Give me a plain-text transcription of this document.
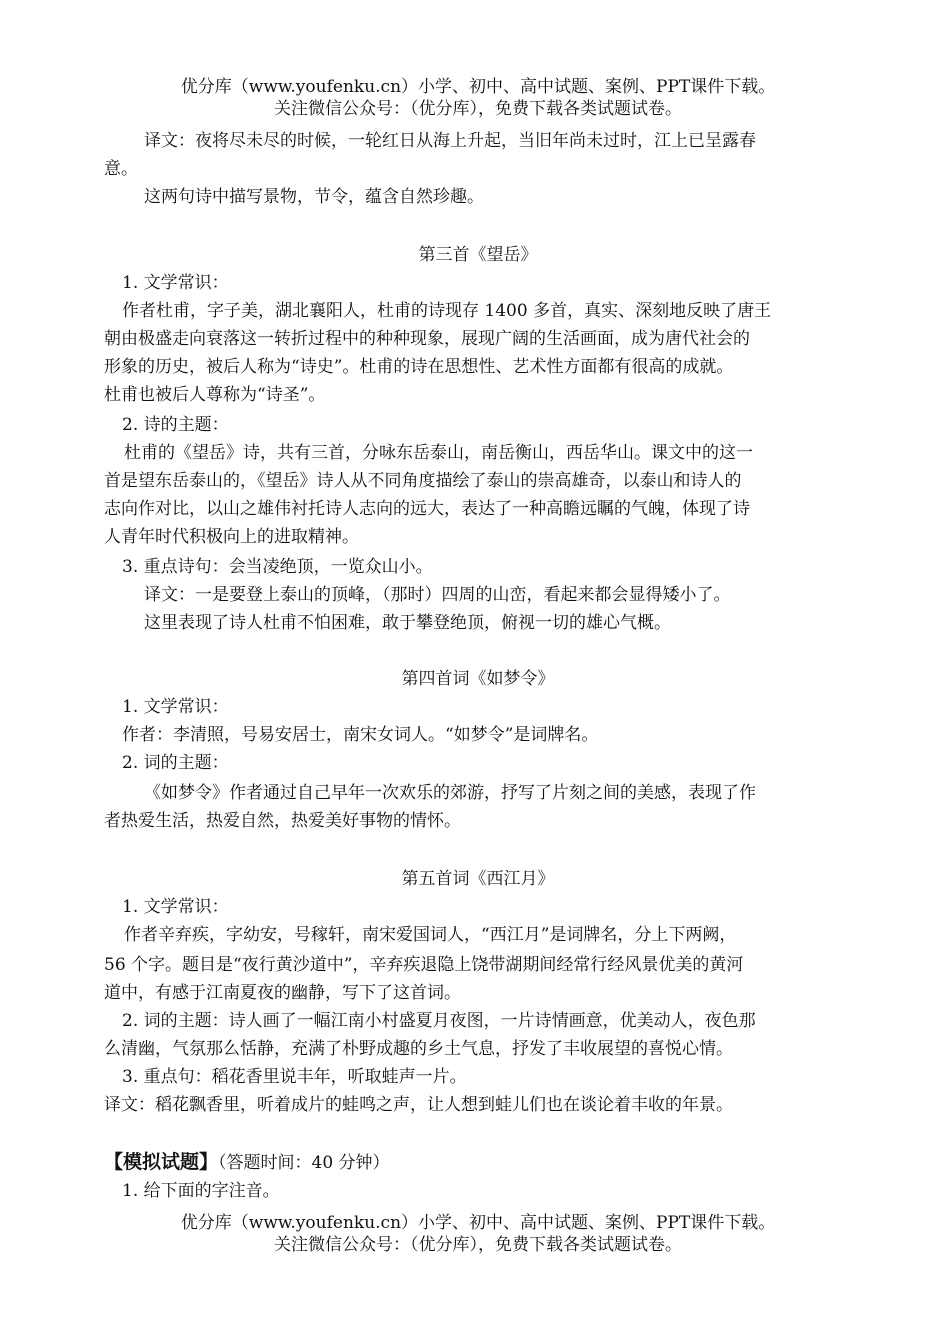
优分库（www.youfenku.cn）小学、初中、高中试题、案例、PPT课件下载。
关注微信公众号：（优分库），免费下载各类试题试卷。
译文：夜将尽未尽的时候，一轮红日从海上升起，当旧年尚未过时，江上已呈露春
意。
这两句诗中描写景物，节令，蕴含自然珍趣。
第三首《望岳》
1. 文学常识：
作者杜甫，字子美，湖北襄阳人，杜甫的诗现存 1400 多首，真实、深刻地反映了唐王
朝由极盛走向衰落这一转折过程中的种种现象，展现广阔的生活画面，成为唐代社会的
形象的历史，被后人称为“诗史”。杜甫的诗在思想性、艺术性方面都有很高的成就。
杜甫也被后人尊称为“诗圣”。
2. 诗的主题：
杜甫的《望岳》诗，共有三首，分咏东岳泰山，南岳衡山，西岳华山。课文中的这一
首是望东岳泰山的，《望岳》诗人从不同角度描绘了泰山的崇高雄奇，以泰山和诗人的
志向作对比，以山之雄伟衬托诗人志向的远大，表达了一种高瞻远瞩的气魄，体现了诗
人青年时代积极向上的进取精神。
3. 重点诗句：会当凌绝顶，一览众山小。
译文：一是要登上泰山的顶峰，（那时）四周的山峦，看起来都会显得矮小了。
这里表现了诗人杜甫不怕困难，敢于攀登绝顶，俯视一切的雄心气概。
第四首词《如梦令》
1. 文学常识：
作者：李清照，号易安居士，南宋女词人。“如梦令”是词牌名。
2. 词的主题：
《如梦令》作者通过自己早年一次欢乐的郊游，抒写了片刻之间的美感，表现了作
者热爱生活，热爱自然，热爱美好事物的情怀。
第五首词《西江月》
1. 文学常识：
作者辛弃疾，字幼安，号稼轩，南宋爱国词人，“西江月”是词牌名，分上下两阙，
56 个字。题目是“夜行黄沙道中”，辛弃疾退隐上饶带湖期间经常行经风景优美的黄河
道中，有感于江南夏夜的幽静，写下了这首词。
2. 词的主题：诗人画了一幅江南小村盛夏月夜图，一片诗情画意，优美动人，夜色那
么清幽，气氛那么恬静，充满了朴野成趣的乡土气息，抒发了丰收展望的喜悦心情。
3. 重点句：稻花香里说丰年，听取蛙声一片。
译文：稻花飘香里，听着成片的蛙鸣之声，让人想到蛙儿们也在谈论着丰收的年景。
【模拟试题】（答题时间：40 分钟）
1. 给下面的字注音。
优分库（www.youfenku.cn）小学、初中、高中试题、案例、PPT课件下载。
关注微信公众号：（优分库），免费下载各类试题试卷。
